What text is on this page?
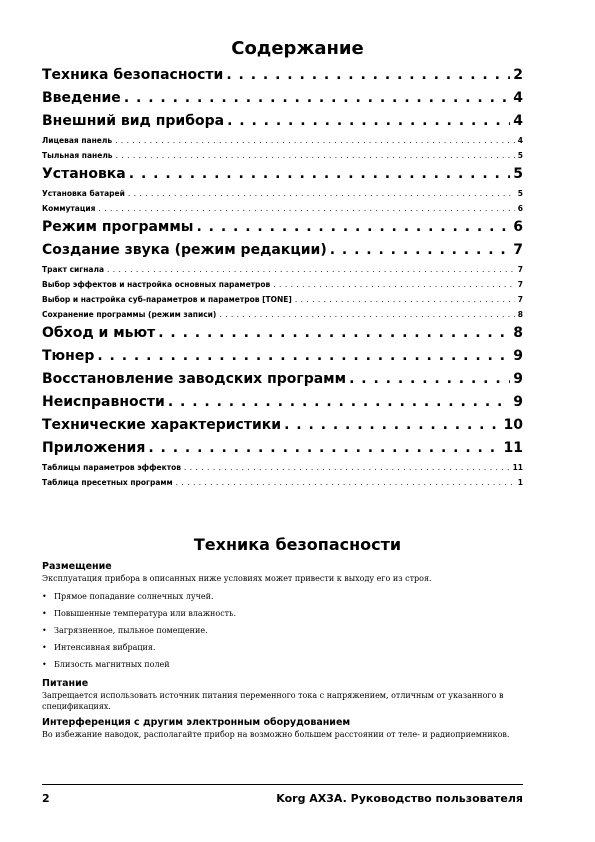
Содержание
Техника безопасности . . .	2
Введение . . .	4
Внешний вид прибора . . .	4
Лицевая панель . . .	4
Тыльная панель . . .	5
Установка . . .	5
Установка батарей . . .	5
Коммутация . . .	6
Режим программы . . .	6
Создание звука (режим редакции) . . .	7
Тракт сигнала . . .	7
Выбор эффектов и настройка основных параметров . . .	7
Выбор и настройка суб-параметров и параметров [TONE] . . .	7
Сохранение программы (режим записи) . . .	8
Обход и мьют . . .	8
Тюнер . . .	9
Восстановление заводских программ . . .	9
Неисправности . . .	9
Технические характеристики . . .	10
Приложения . . .	11
Таблицы параметров эффектов . . .	11
Таблица пресетных программ . . .	1
Техника безопасности
Размещение

Эксплуатация прибора в описанных ниже условиях может привести к выходу его из строя.

• Прямое попадание солнечных лучей.
• Повышенные температура или влажность.
• Загрязненное, пыльное помещение.
• Интенсивная вибрация.
• Близость магнитных полей
Питание

Запрещается использовать источник питания переменного тока с напряжением, отличным от указанного в спецификациях.

Интерференция с другим электронным оборудованием

Во избежание наводок, располагайте прибор на возможно большем расстоянии от теле- и радиоприемников.

2	Korg AX3A. Руководство пользователя
